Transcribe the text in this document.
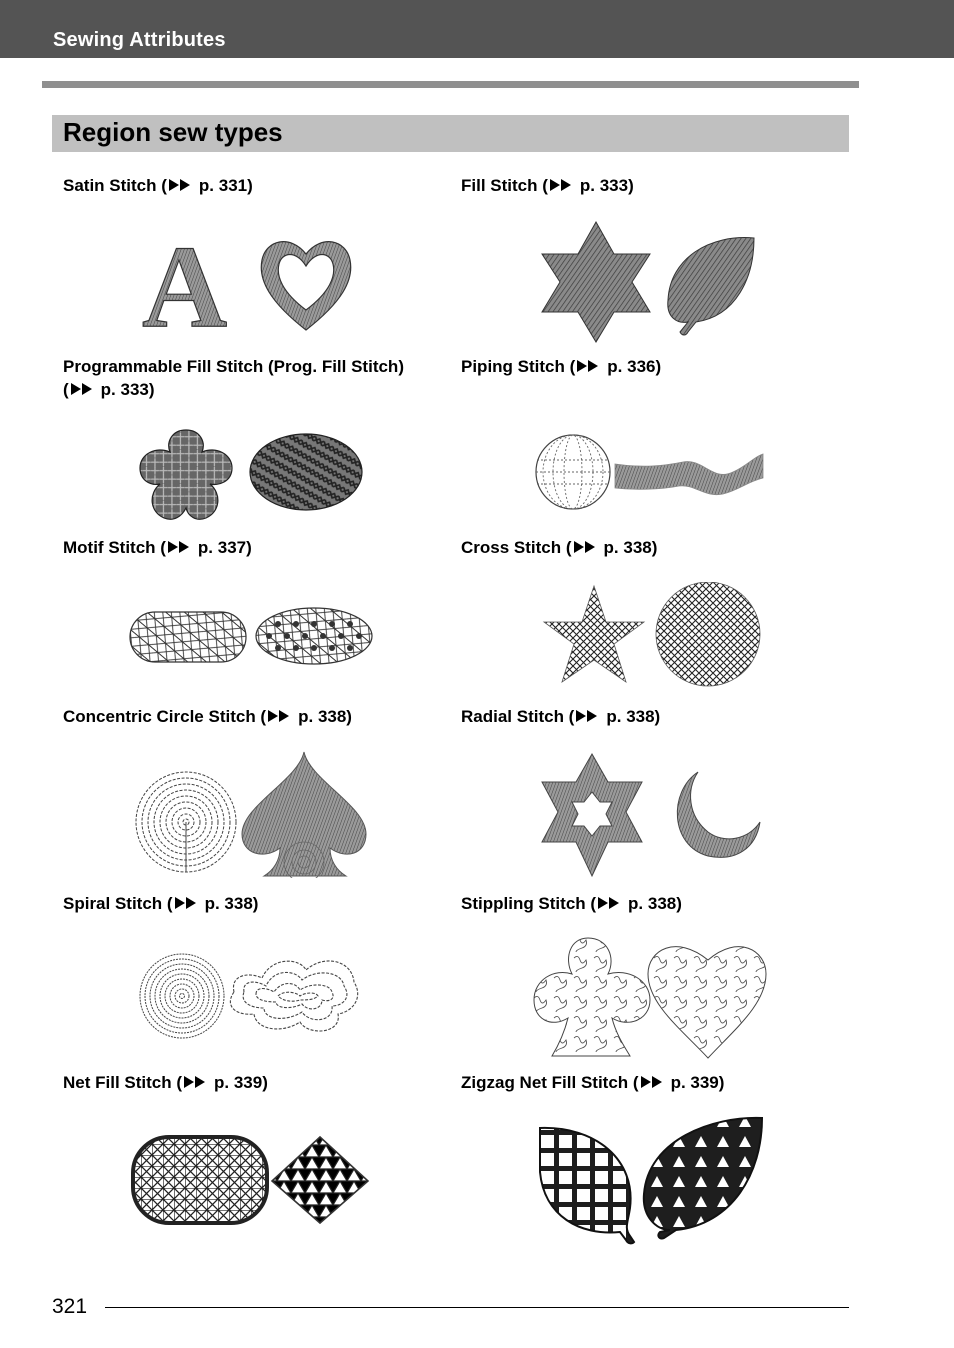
Sewing Attributes
Region sew types
Satin Stitch ( p. 331)	Fill Stitch ( p. 333)
A
Programmable Fill Stitch (Prog. Fill Stitch)
( p. 333)
Piping Stitch ( p. 336)
Motif Stitch ( p. 337)	Cross Stitch ( p. 338)
Concentric Circle Stitch ( p. 338)	Radial Stitch ( p. 338)
Spiral Stitch ( p. 338)	Stippling Stitch ( p. 338)
Net Fill Stitch ( p. 339)	Zigzag Net Fill Stitch ( p. 339)
321
